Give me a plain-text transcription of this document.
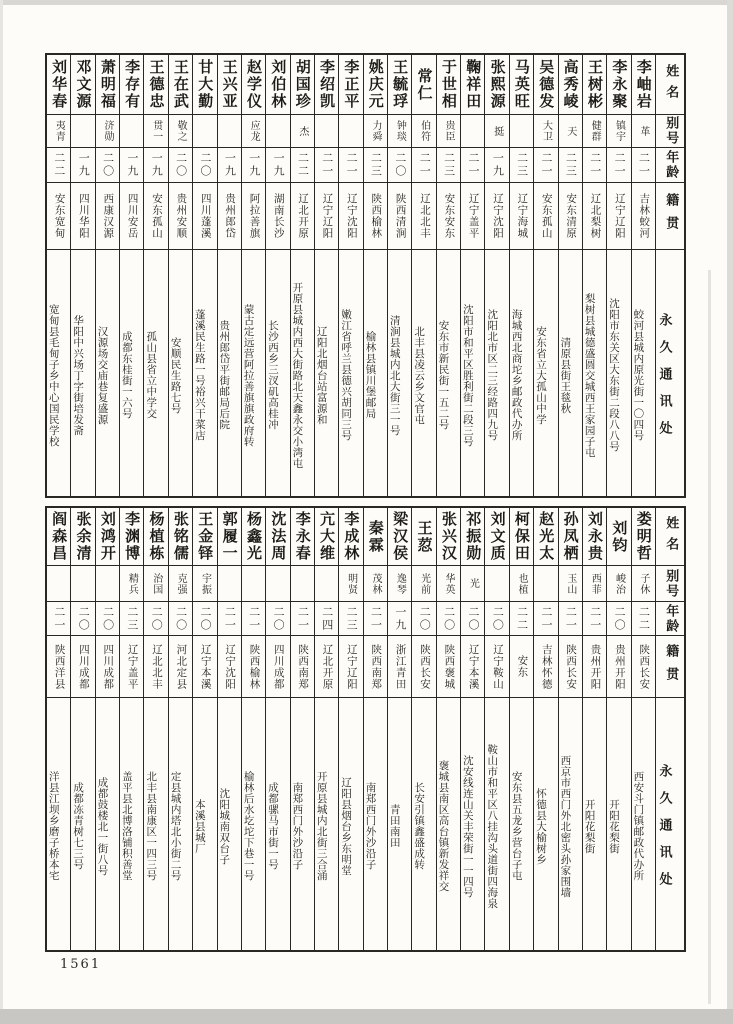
姓名
别号
年龄
籍贯
永久通讯处
李岫岩
革
二一
吉林蛟河
蛟河县城内原光街一〇四号
李永聚
镇宇
二一
辽宁辽阳
沈阳市东关区大东街二段八八号
王树彬
健群
二一
辽北梨树
梨树县城德盛圆交城西王家园子屯
高秀崚
天
二三
安东清原
清原县街王毯秋
吴德发
大卫
二一
安东孤山
安东省立大孤山中学
马英旺
二三
辽宁海城
海城西北商坨乡邮政代办所
张熙源
挺
一九
辽宁沈阳
沈阳北市区二三经路四九号
鞠祥田
二一
辽宁盖平
沈阳市和平区胜利街二段三号
于世相
贵臣
二三
安东安东
安东市新民街一五二号
常仁
伯符
二一
辽北北丰
北丰县凌云乡文官屯
王毓琈
钟琰
二〇
陕西清涧
清涧县城内北大街三一号
姚庆元
力舜
二三
陕西榆林
榆林县镇川堡邮局
李正平
二一
辽宁沈阳
嫩江省呼兰县德兴胡同三号
李绍凯
二一
辽宁辽阳
辽阳北烟台站富源和
胡国珍
杰
二二
辽北开原
开原县城内西大街路北天鑫永交小湾屯
刘伯林
一九
湖南长沙
长沙西乡三汊矶高桂冲
赵学仪
应龙
一九
阿拉善旗
蒙古定远营阿拉善旗旗政府转
王兴亚
一九
贵州郎岱
贵州郎岱平街邮局后院
甘大勤
二〇
四川蓬溪
蓬溪民生路一号裕兴干菜店
王在武
敬之
二〇
贵州安顺
安顺民生路七号
王德忠
贯一
一九
安东孤山
孤山县省立中学交
李存有
一九
四川安岳
成都东桂街一六号
萧明福
济勋
二〇
西康汉源
汉源场交庙巷复盛源
邓文源
一九
四川华阳
华阳中兴场丁字街培发斋
刘华春
夷青
二二
安东宽甸
宽甸县毛甸子乡中心国民学校
姓名
别号
年龄
籍贯
永久通讯处
娄明哲
子休
二二
陕西长安
西安斗门镇邮政代办所
刘钧
峻治
二〇
贵州开阳
开阳花梨街
刘永贵
西菲
二一
贵州开阳
开阳花梨街
孙凤栖
玉山
二一
陕西长安
西京市西门外北密头孙家围墙
赵光太
二一
吉林怀德
怀德县大榆树乡
柯保田
也植
二二
安东
安东县五龙乡营台子屯
刘文质
二〇
辽宁鞍山
鞍山市和平区八挂沟头道街四海泉
祁振勋
光
二〇
辽宁本溪
沈安线连山关丰荣街一一四号
张兴汉
华英
二〇
陕西褒城
褒城县南区高台镇新发祥交
王荵
光前
二〇
陕西长安
长安引镇鑫盛成转
梁汉侯
逸琴
一九
浙江青田
青田南田
秦霖
茂林
二一
陕西南郑
南郑西门外沙沿子
李成林
明贤
二三
辽宁辽阳
辽阳县烟台乡东明堂
亢大维
二四
辽北开原
开原县城内北街三合涌
李永春
二一
陕西南郑
南郑西门外沙沿子
沈法周
二〇
四川成都
成都骡马市街一号
杨鑫光
二一
陕西榆林
榆林后水圪坨下巷一号
郭履一
二一
辽宁沈阳
沈阳城南双台子
王金铎
宇振
二〇
辽宁本溪
本溪县城厂
张铭儒
克强
二〇
河北定县
定县城内塔北小街二号
杨植栋
治国
二〇
辽北北丰
北丰县南康区一四三号
李渊博
精兵
二三
辽宁盖平
盖平县北博洛铺积善堂
刘鸿开
二〇
四川成都
成都鼓楼北一街八号
张余清
二〇
四川成都
成都冻青树七三号
阎森昌
二一
陕西洋县
洋县江坝乡磨子桥本宅
1561
